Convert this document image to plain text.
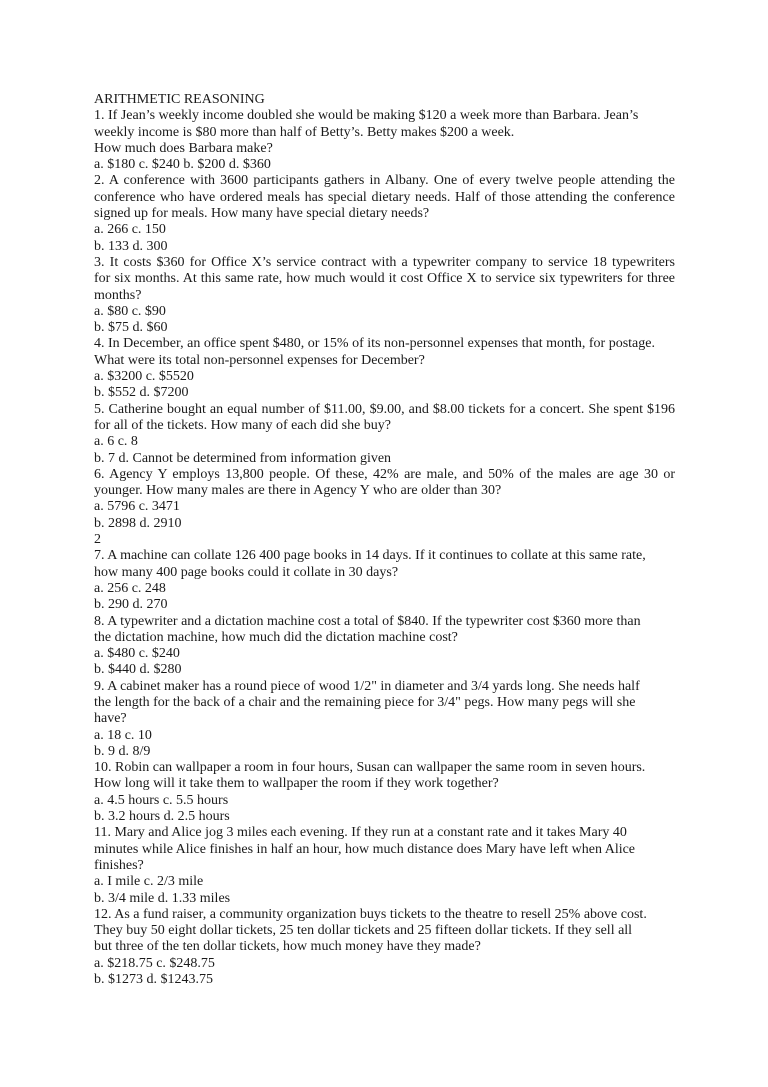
ARITHMETIC REASONING

1. If Jean’s weekly income doubled she would be making $120 a week more than Barbara. Jean’s

weekly income is $80 more than half of Betty’s. Betty makes $200 a week.

How much does Barbara make?

a. $180 c. $240 b. $200 d. $360

2. A conference with 3600 participants gathers in Albany. One of every twelve people attending the

conference who have ordered meals has special dietary needs. Half of those attending the conference

signed up for meals. How many have special dietary needs?

a. 266 c. 150

b. 133 d. 300

3. It costs $360 for Office X’s service contract with a typewriter company to service 18 typewriters

for six months. At this same rate, how much would it cost Office X to service six typewriters for three

months?

a. $80 c. $90

b. $75 d. $60

4. In December, an office spent $480, or 15% of its non-personnel expenses that month, for postage.

What were its total non-personnel expenses for December?

a. $3200 c. $5520

b. $552 d. $7200

5. Catherine bought an equal number of $11.00, $9.00, and $8.00 tickets for a concert. She spent $196

for all of the tickets. How many of each did she buy?

a. 6 c. 8

b. 7 d. Cannot be determined from information given

6. Agency Y employs 13,800 people. Of these, 42% are male, and 50% of the males are age 30 or

younger. How many males are there in Agency Y who are older than 30?

a. 5796 c. 3471

b. 2898 d. 2910

2

7. A machine can collate 126 400 page books in 14 days. If it continues to collate at this same rate,

how many 400 page books could it collate in 30 days?

a. 256 c. 248

b. 290 d. 270

8. A typewriter and a dictation machine cost a total of $840. If the typewriter cost $360 more than

the dictation machine, how much did the dictation machine cost?

a. $480 c. $240

b. $440 d. $280

9. A cabinet maker has a round piece of wood 1/2" in diameter and 3/4 yards long. She needs half

the length for the back of a chair and the remaining piece for 3/4" pegs. How many pegs will she

have?

a. 18 c. 10

b. 9 d. 8/9

10. Robin can wallpaper a room in four hours, Susan can wallpaper the same room in seven hours.

How long will it take them to wallpaper the room if they work together?

a. 4.5 hours c. 5.5 hours

b. 3.2 hours d. 2.5 hours

11. Mary and Alice jog 3 miles each evening. If they run at a constant rate and it takes Mary 40

minutes while Alice finishes in half an hour, how much distance does Mary have left when Alice

finishes?

a. I mile c. 2/3 mile

b. 3/4 mile d. 1.33 miles

12. As a fund raiser, a community organization buys tickets to the theatre to resell 25% above cost.

They buy 50 eight dollar tickets, 25 ten dollar tickets and 25 fifteen dollar tickets. If they sell all

but three of the ten dollar tickets, how much money have they made?

a. $218.75 c. $248.75

b. $1273 d. $1243.75
